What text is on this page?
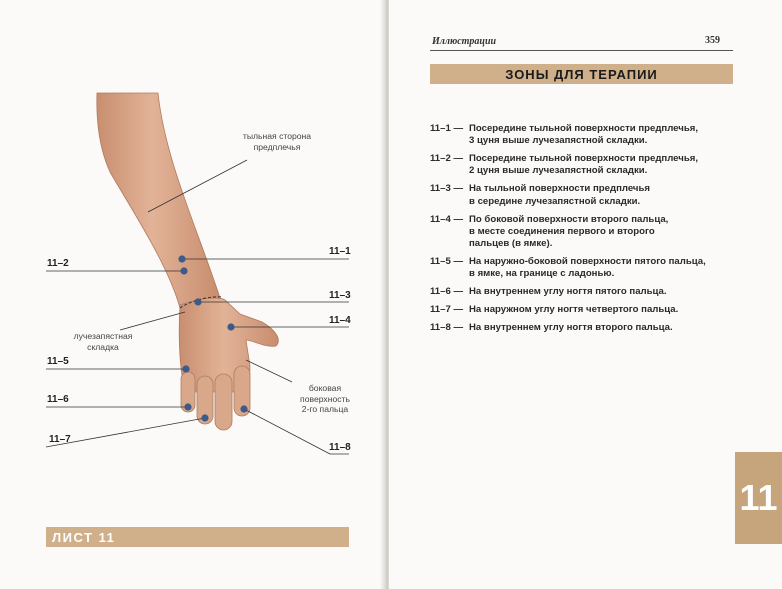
тыльная сторона
предплечья
лучезапястная
складка
боковая
поверхность
2-го пальца
11–1
11–2
11–3
11–4
11–5
11–6
11–7
11–8
ЛИСТ 11
Иллюстрации	359
ЗОНЫ ДЛЯ ТЕРАПИИ
11–1 — Посередине тыльной поверхности предплечья,
3 цуня выше лучезапястной складки.
11–2 — Посередине тыльной поверхности предплечья,
2 цуня выше лучезапястной складки.
11–3 — На тыльной поверхности предплечья
в середине лучезапястной складки.
11–4 — По боковой поверхности второго пальца,
в месте соединения первого и второго
пальцев (в ямке).
11–5 — На наружно-боковой поверхности пятого пальца,
в ямке, на границе с ладонью.
11–6 — На внутреннем углу ногтя пятого пальца.
11–7 — На наружном углу ногтя четвертого пальца.
11–8 — На внутреннем углу ногтя второго пальца.
11
